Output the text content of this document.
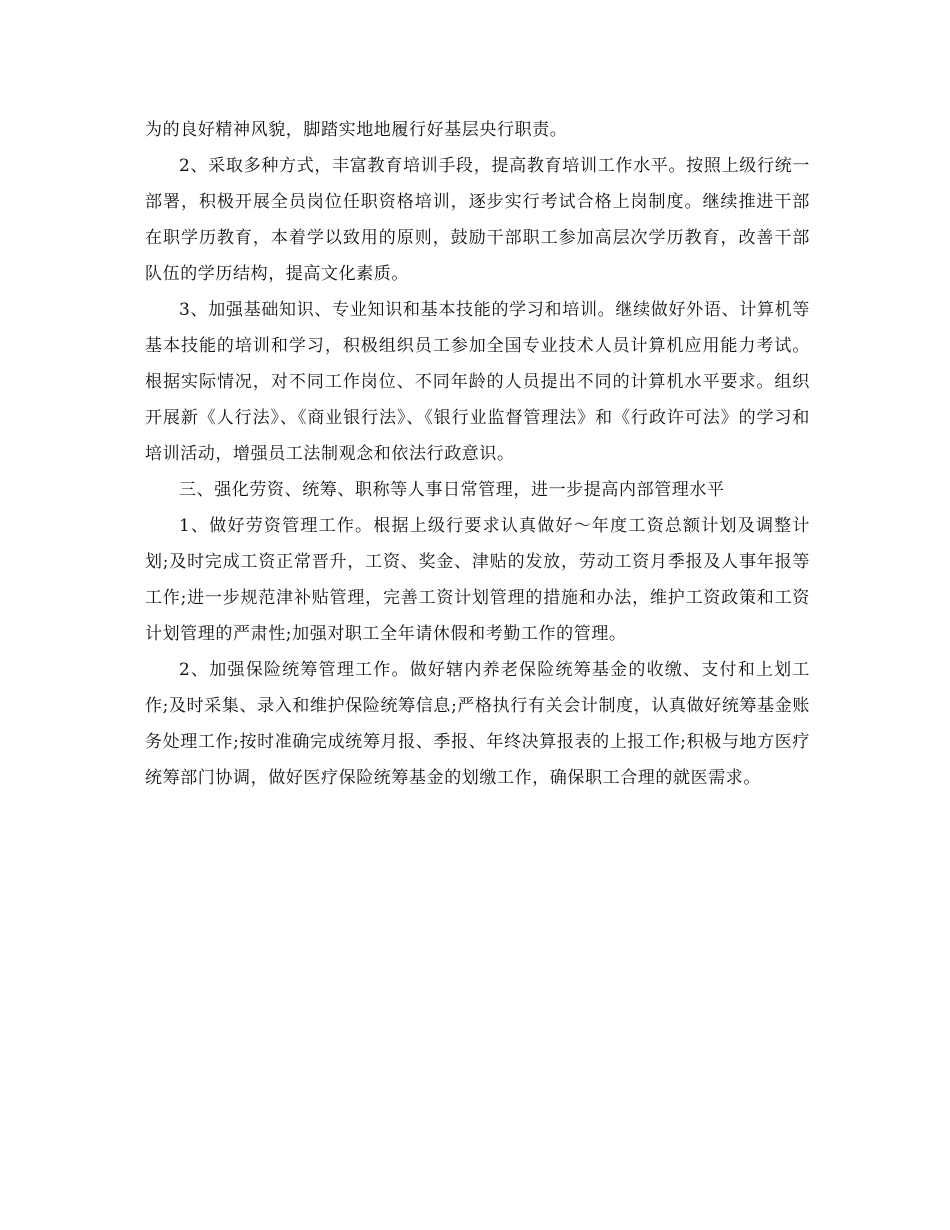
为的良好精神风貌，脚踏实地地履行好基层央行职责。

2、采取多种方式，丰富教育培训手段，提高教育培训工作水平。按照上级行统一部署，积极开展全员岗位任职资格培训，逐步实行考试合格上岗制度。继续推进干部在职学历教育，本着学以致用的原则，鼓励干部职工参加高层次学历教育，改善干部队伍的学历结构，提高文化素质。

3、加强基础知识、专业知识和基本技能的学习和培训。继续做好外语、计算机等基本技能的培训和学习，积极组织员工参加全国专业技术人员计算机应用能力考试。根据实际情况，对不同工作岗位、不同年龄的人员提出不同的计算机水平要求。组织开展新《人行法》、《商业银行法》、《银行业监督管理法》和《行政许可法》的学习和培训活动，增强员工法制观念和依法行政意识。

三、强化劳资、统筹、职称等人事日常管理，进一步提高内部管理水平

1、做好劳资管理工作。根据上级行要求认真做好～年度工资总额计划及调整计划;及时完成工资正常晋升，工资、奖金、津贴的发放，劳动工资月季报及人事年报等工作;进一步规范津补贴管理，完善工资计划管理的措施和办法，维护工资政策和工资计划管理的严肃性;加强对职工全年请休假和考勤工作的管理。

2、加强保险统筹管理工作。做好辖内养老保险统筹基金的收缴、支付和上划工作;及时采集、录入和维护保险统筹信息;严格执行有关会计制度，认真做好统筹基金账务处理工作;按时准确完成统筹月报、季报、年终决算报表的上报工作;积极与地方医疗统筹部门协调，做好医疗保险统筹基金的划缴工作，确保职工合理的就医需求。
